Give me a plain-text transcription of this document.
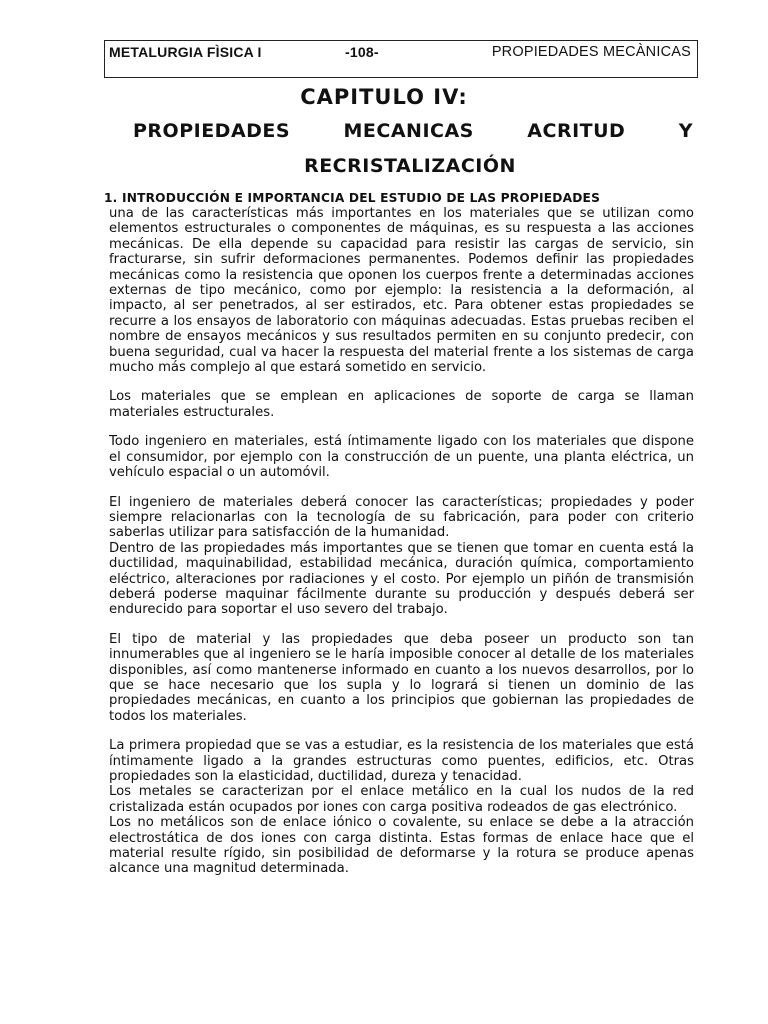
METALURGIA FÌSICA I	-108-	PROPIEDADES MECÀNICAS
CAPITULO IV:
PROPIEDADES MECANICAS ACRITUD Y
RECRISTALIZACIÓN
1. INTRODUCCIÓN E IMPORTANCIA DEL ESTUDIO DE LAS PROPIEDADES

una de las características más importantes en los materiales que se utilizan como elementos estructurales o componentes de máquinas, es su respuesta a las acciones mecánicas. De ella depende su capacidad para resistir las cargas de servicio, sin fracturarse, sin sufrir deformaciones permanentes. Podemos definir las propiedades mecánicas como la resistencia que oponen los cuerpos frente a determinadas acciones externas de tipo mecánico, como por ejemplo: la resistencia a la deformación, al impacto, al ser penetrados, al ser estirados, etc. Para obtener estas propiedades se recurre a los ensayos de laboratorio con máquinas adecuadas. Estas pruebas reciben el nombre de ensayos mecánicos y sus resultados permiten en su conjunto predecir, con buena seguridad, cual va hacer la respuesta del material frente a los sistemas de carga mucho más complejo al que estará sometido en servicio.

Los materiales que se emplean en aplicaciones de soporte de carga se llaman materiales estructurales.

Todo ingeniero en materiales, está íntimamente ligado con los materiales que dispone el consumidor, por ejemplo con la construcción de un puente, una planta eléctrica, un vehículo espacial o un automóvil.

El ingeniero de materiales deberá conocer las características; propiedades y poder siempre relacionarlas con la tecnología de su fabricación, para poder con criterio saberlas utilizar para satisfacción de la humanidad.

Dentro de las propiedades más importantes que se tienen que tomar en cuenta está la ductilidad, maquinabilidad, estabilidad mecánica, duración química, comportamiento eléctrico, alteraciones por radiaciones y el costo. Por ejemplo un piñón de transmisión deberá poderse maquinar fácilmente durante su producción y después deberá ser endurecido para soportar el uso severo del trabajo.

El tipo de material y las propiedades que deba poseer un producto son tan innumerables que al ingeniero se le haría imposible conocer al detalle de los materiales disponibles, así como mantenerse informado en cuanto a los nuevos desarrollos, por lo que se hace necesario que los supla y lo logrará si tienen un dominio de las propiedades mecánicas, en cuanto a los principios que gobiernan las propiedades de todos los materiales.

La primera propiedad que se vas a estudiar, es la resistencia de los materiales que está íntimamente ligado a la grandes estructuras como puentes, edificios, etc. Otras propiedades son la elasticidad, ductilidad, dureza y tenacidad.

Los metales se caracterizan por el enlace metálico en la cual los nudos de la red cristalizada están ocupados por iones con carga positiva rodeados de gas electrónico.

Los no metálicos son de enlace iónico o covalente, su enlace se debe a la atracción electrostática de dos iones con carga distinta. Estas formas de enlace hace que el material resulte rígido, sin posibilidad de deformarse y la rotura se produce apenas alcance una magnitud determinada.
